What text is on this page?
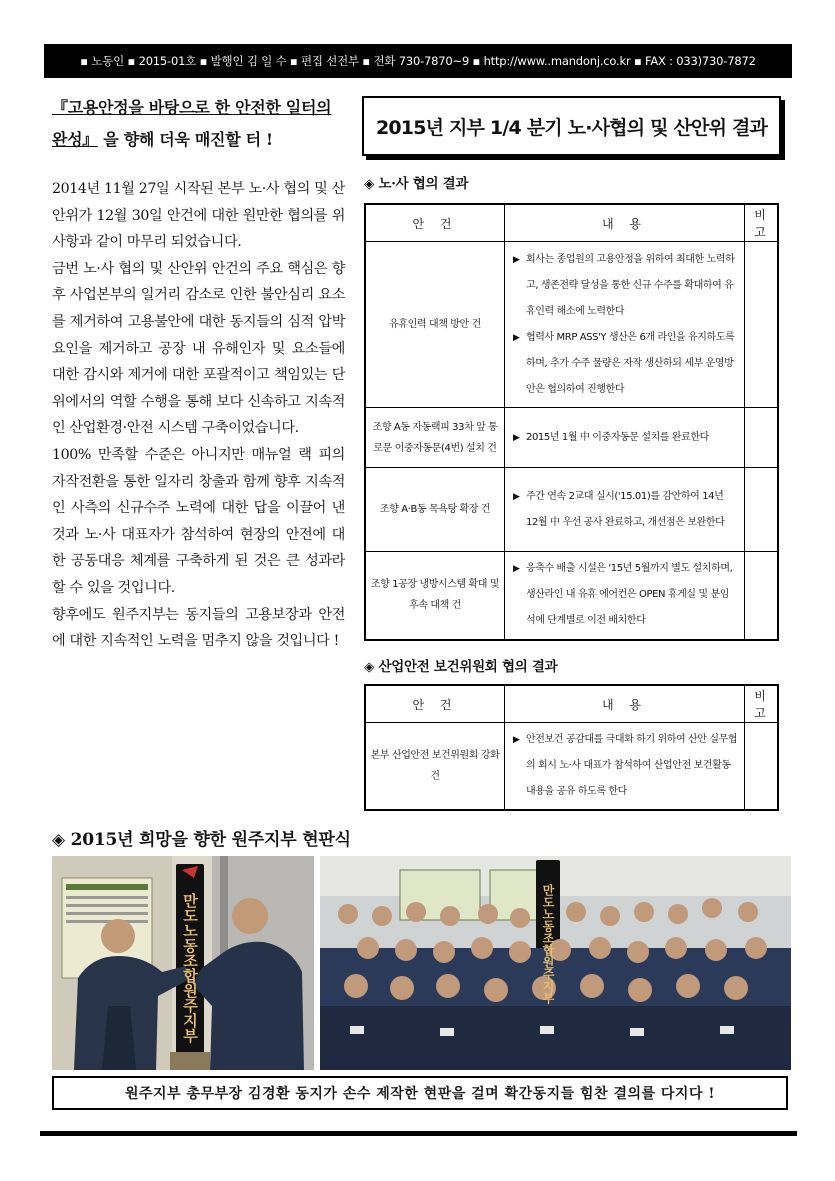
▪ 노동인 ▪ 2015-01호 ▪ 발행인 김 일 수 ▪ 편집 선전부 ▪ 전화 730-7870~9 ▪ http://www..mandonj.co.kr ▪ FAX : 033)730-7872
『고용안정을 바탕으로 한 안전한 일터의 완성』 을 향해 더욱 매진할 터 !

2014년 11월 27일 시작된 본부 노·사 협의 및 산안위가 12월 30일 안건에 대한 원만한 협의를 위 사항과 같이 마무리 되었습니다.

금번 노·사 협의 및 산안위 안건의 주요 핵심은 향후 사업본부의 일거리 감소로 인한 불안심리 요소를 제거하여 고용불안에 대한 동지들의 심적 압박요인을 제거하고 공장 내 유해인자 및 요소들에 대한 감시와 제거에 대한 포괄적이고 책임있는 단위에서의 역할 수행을 통해 보다 신속하고 지속적인 산업환경·안전 시스템 구축이었습니다.

100% 만족할 수준은 아니지만 매뉴얼 랙 피의 자작전환을 통한 일자리 창출과 함께 향후 지속적인 사측의 신규수주 노력에 대한 답을 이끌어 낸 것과 노·사 대표자가 참석하여 현장의 안전에 대한 공동대응 체계를 구축하게 된 것은 큰 성과라 할 수 있을 것입니다.

향후에도 원주지부는 동지들의 고용보장과 안전에 대한 지속적인 노력을 멈추지 않을 것입니다 !

2015년 지부 1/4 분기 노·사협의 및 산안위 결과
◈ 노·사 협의 결과
안 건	내 용	비 고
유휴인력 대책 방안 건	▶ 회사는 종업원의 고용안정을 위하여 최대한 노력하고, 생존전략 달성을 통한 신규 수주를 확대하여 유휴인력 해소에 노력한다
▶ 협력사 MRP ASS'Y 생산은 6개 라인을 유지하도록 하며, 추가 수주 물량은 자작 생산하되 세부 운영방안은 협의하여 진행한다

조향 A동 자동랙피 33차 앞 통로문 이중자동문(4번) 설치 건	▶ 2015년 1월 中 이중자동문 설치를 완료한다

조향 A·B동 목욕탕 확장 건	▶ 주간 연속 2교대 실시('15.01)를 감안하여 14년 12월 中 우선 공사 완료하고, 개선점은 보완한다

조향 1공장 냉방시스템 확대 및 후속 대책 건	▶ 응축수 배출 시설은 '15년 5월까지 별도 설치하며, 생산라인 내 유휴 에어컨은 OPEN 휴게실 및 분임석에 단계별로 이전 배치한다

◈ 산업안전 보건위원회 협의 결과
안 건	내 용	비 고
본부 산업안전 보건위원회 강화 건	▶ 안전보건 공감대를 극대화 하기 위하여 산안 실무협의 회시 노·사 대표가 참석하여 산업안전 보건활동 내용을 공유 하도록 한다

◈ 2015년 희망을 향한 원주지부 현판식
만도노동조합원주지부	만도노동조합원주지부
원주지부 총무부장 김경환 동지가 손수 제작한 현판을 걸며 확간동지들 힘찬 결의를 다지다 !
